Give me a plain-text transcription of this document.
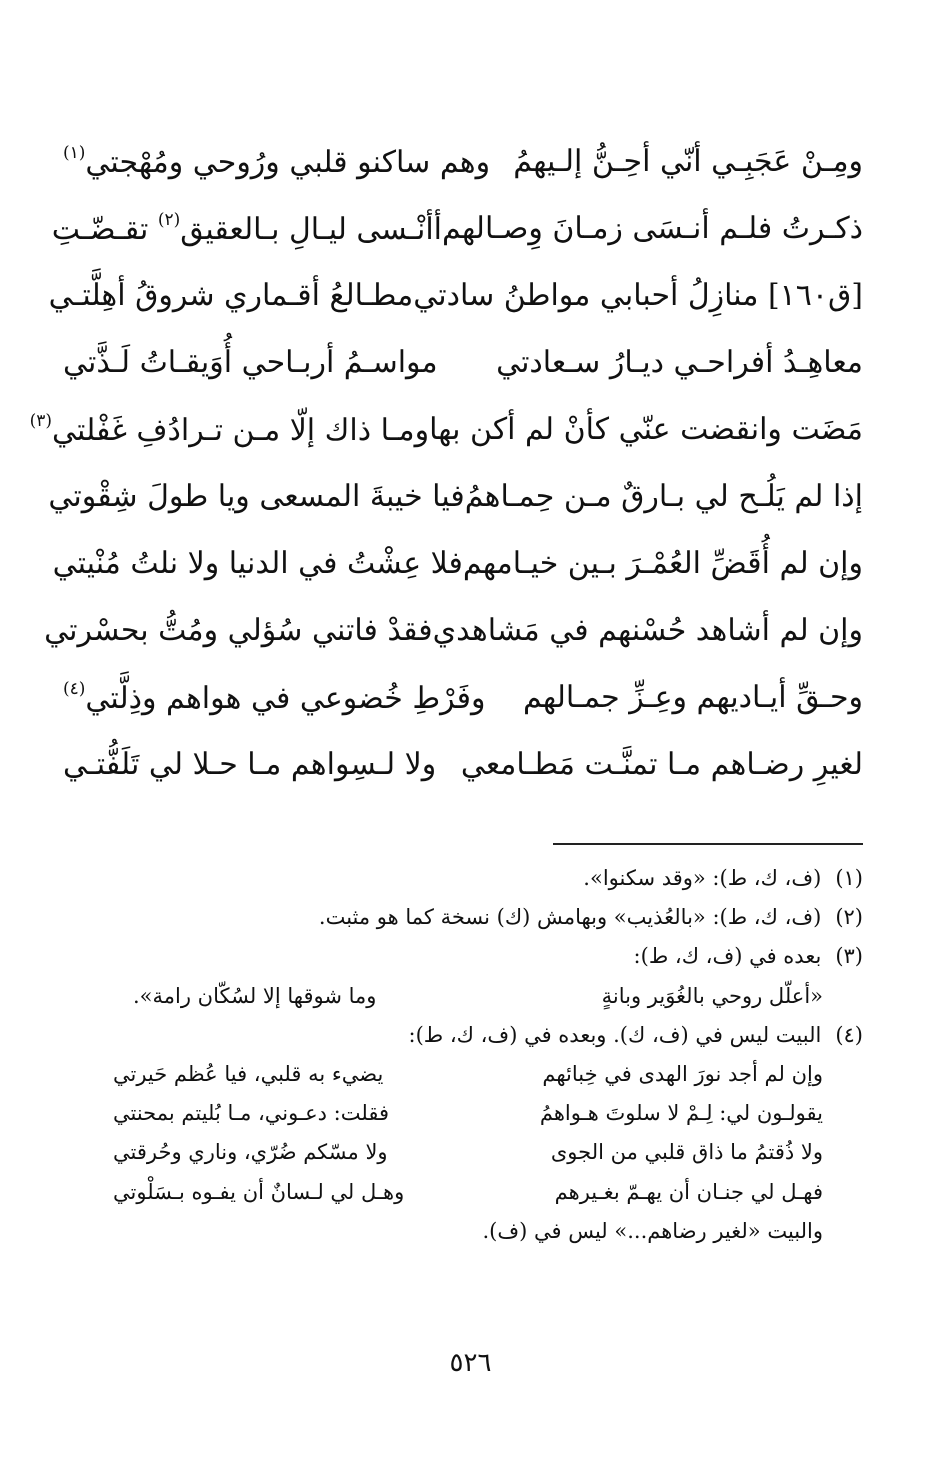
ومِـنْ عَجَبِـي أنّي أحِـنُّ إلـيهمُ
وهم ساكنو قلبي ورُوحي ومُهْجتي$^{(١)}$
ذكـرتُ فلـم أنـسَى زمـانَ وِصـالهم
أأنْـسى ليـالِ بـالعقيق$^{(٢)}$ تقـضّـتِ
[ق١٦٠] منازِلُ أحبابي مواطنُ سادتي
مطـالعُ أقـماري شروقُ أهِلَّتـي
معاهِـدُ أفراحـي ديـارُ سـعادتي
مواسـمُ أربـاحي أُوَيقـاتُ لَـذَّتي
مَضَت وانقضت عنّي كأنْ لم أكن بها
ومـا ذاك إلّا مـن تـرادُفِ غَفْلتي$^{(٣)}$
إذا لم يَلُـح لي بـارقٌ مـن حِمـاهمُ
فيا خيبةَ المسعى ويا طولَ شِقْوتي
وإن لم أُقَضِّ العُمْـرَ بـين خيـامهم
فلا عِشْتُ في الدنيا ولا نلتُ مُنْيتي
وإن لم أشاهد حُسْنهم في مَشاهدي
فقدْ فاتني سُؤلي ومُتُّ بحسْرتي
وحـقِّ أيـاديهم وعِـزِّ جمـالهم
وفَرْطِ خُضوعي في هواهم وذِلَّتي$^{(٤)}$
لغيرِ رضـاهم مـا تمنَّـت مَطـامعي
ولا لـسِواهم مـا حـلا لي تَلَفُّتـي
(١)(ف، ك، ط): «وقد سكنوا».
(٢)(ف، ك، ط): «بالعُذيب» وبهامش (ك) نسخة كما هو مثبت.
(٣)بعده في (ف، ك، ط):
«أعلّل روحي بالغُوَير وبانةٍ
وما شوقها إلا لسُكّان رامة».
(٤)البيت ليس في (ف، ك). وبعده في (ف، ك، ط):
وإن لم أجد نورَ الهدى في خِبائهم
يضيء به قلبي، فيا عُظم حَيرتي
يقولـون لي: لِـمْ لا سلوتَ هـواهمُ
فقلت: دعـوني، مـا بُليتم بمحنتي
ولا ذُقتمُ ما ذاق قلبي من الجوى
ولا مسّكم ضُرّي، وناري وحُرقتي
فهـل لي جنـان أن يهـمّ بغـيرهم
وهـل لي لـسانٌ أن يفـوه بـسَلْوتي
والبيت «لغير رضاهم...» ليس في (ف).
٥٢٦
